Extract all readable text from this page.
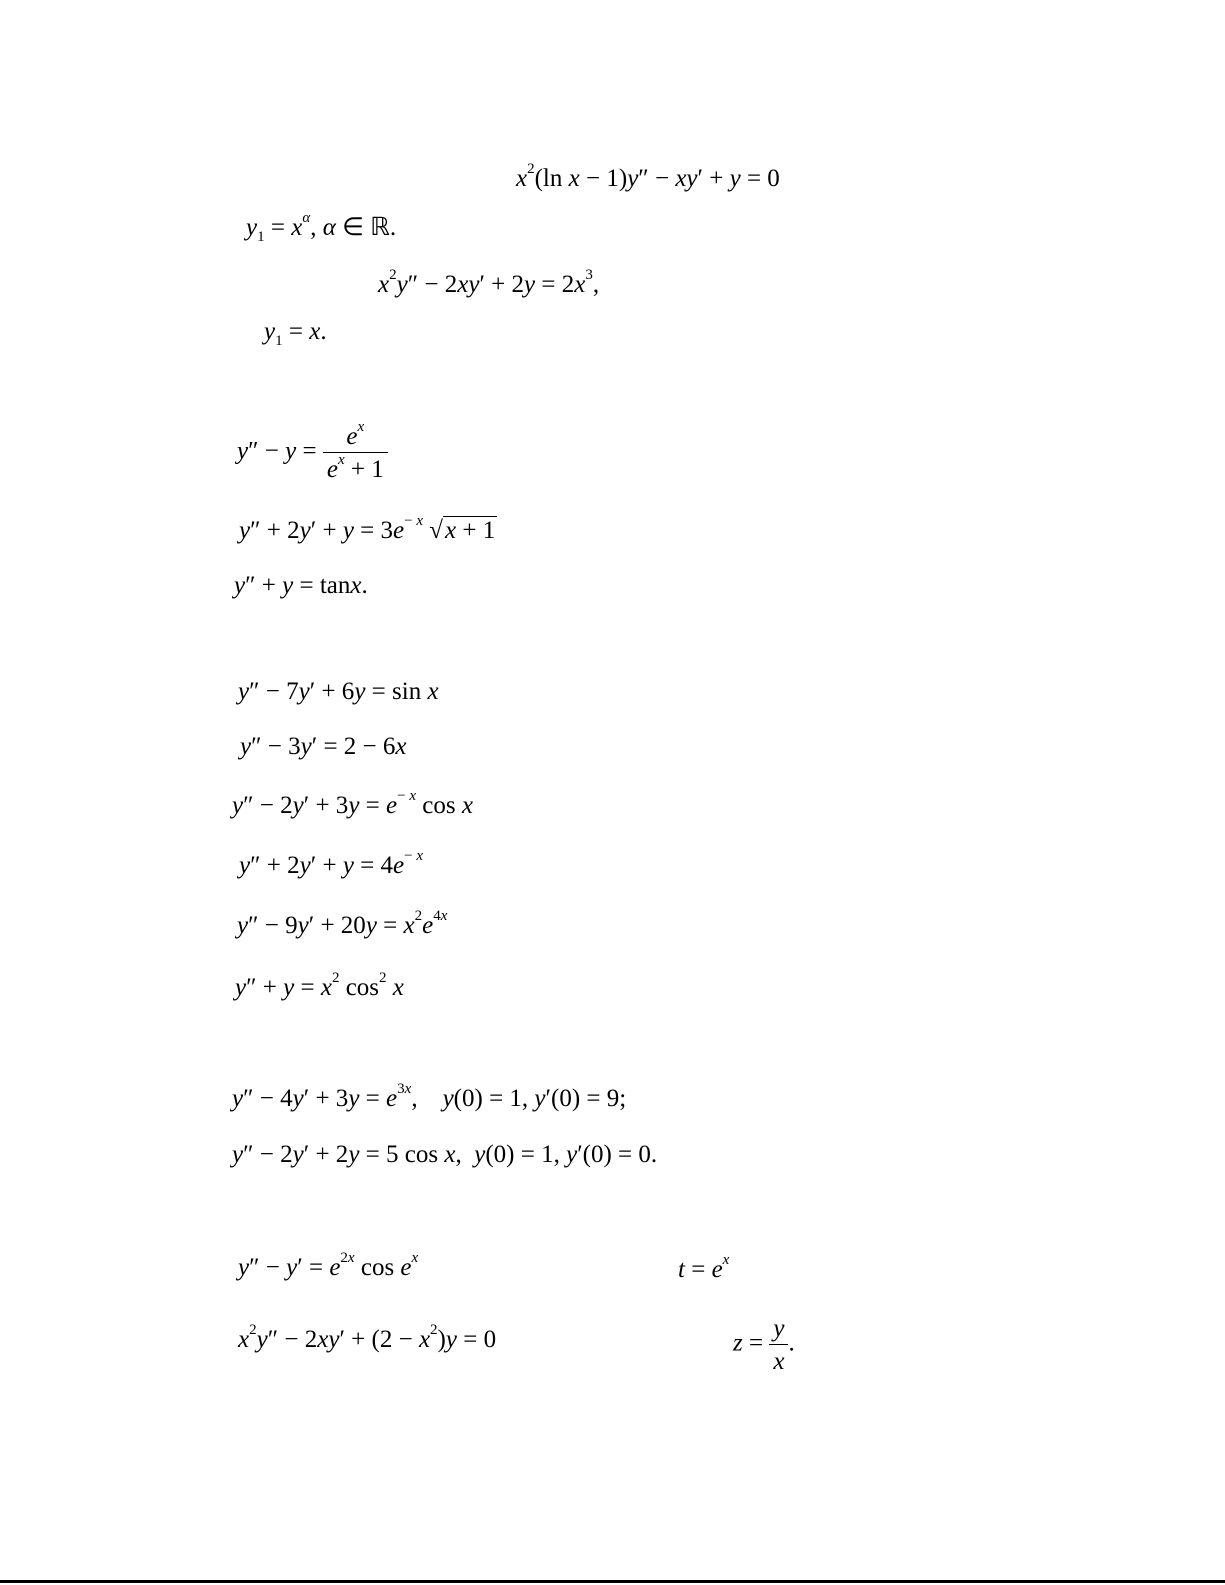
$x^2(\ln$ x − 1)y″ − xy′ + y = 0
$y_1 = x^\alpha$, α ∈ ℝ.
$x^2y'' - 2xy' + 2y = 2x^3$,
$y_1 = x$.
$y'' - y = \frac{e^x}{e^x + 1}$
$y'' + 2y' + y = 3e^{- x}$ √x + 1
y″ + y = tanx.
y″ − 7y′ + 6y = sin x
y″ − 3y′ = 2 − 6x
$y'' - 2y' + 3y = e^{- x}$ cos x
$y'' + 2y' + y = 4e^{- x}$
$y'' - 9y' + 20y = x^2e^{4x}$
$y'' + y = x^2$ $\cos^2 x$
$y'' - 4y' + 3y = e^{3x}$,    y(0) = 1, y′(0) = 9;
y″ − 2y′ + 2y = 5 cos x,  y(0) = 1, y′(0) = 0.
$y'' - y' = e^{2x}$ $\cos e^x$	$t = e^x$
$x^2y'' - 2xy' + (2 - x^2)y = 0$	$z = \frac{y}{x}$ .
